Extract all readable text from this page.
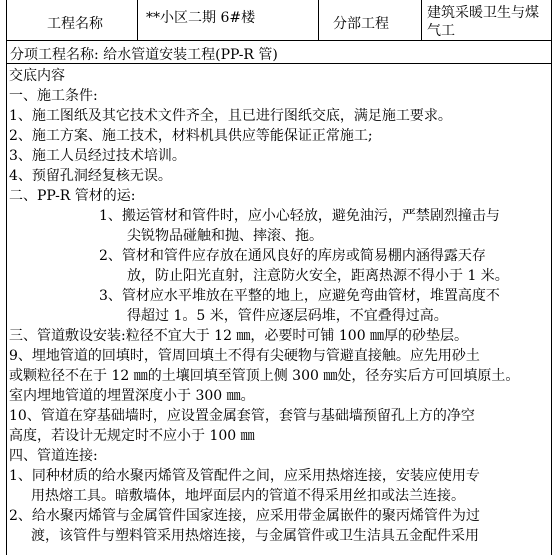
工程名称	**小区二期 6#楼	分部工程
建筑采暖卫生与煤气工
分项工程名称: 给水管道安装工程(PP-R 管)
交底内容
一、施工条件:
1、施工图纸及其它技术文件齐全，且已进行图纸交底，满足施工要求。
2、施工方案、施工技术，材料机具供应等能保证正常施工;
3、施工人员经过技术培训。
4、预留孔洞经复核无误。
二、PP-R 管材的运:
1、搬运管材和管件时，应小心轻放，避免油污，严禁剧烈撞击与
尖锐物品碰触和抛、摔滚、拖。
2、管材和管件应存放在通风良好的库房或简易棚内涵得露天存
放，防止阳光直射，注意防火安全，距离热源不得小于 1 米。
3、管材应水平堆放在平整的地上，应避免弯曲管材，堆置高度不
得超过 1。5 米，管件应逐层码堆，不宜叠得过高。
三、管道敷设安装:粒径不宜大于 12 ㎜，必要时可铺 100 ㎜厚的砂垫层。
9、埋地管道的回填时，管周回填土不得有尖硬物与管避直接触。应先用砂土
或颗粒径不在于 12 ㎜的土壤回填至管顶上侧 300 ㎜处，径夯实后方可回填原土。
室内埋地管道的埋置深度小于 300 ㎜。
10、管道在穿基础墙时，应设置金属套管，套管与基础墙预留孔上方的净空
高度，若设计无规定时不应小于 100 ㎜
四、管道连接:
1、同种材质的给水聚丙烯管及管配件之间，应采用热熔连接，安装应使用专
用热熔工具。暗敷墙体，地坪面层内的管道不得采用丝扣或法兰连接。
2、给水聚丙烯管与金属管件国家连接，应采用带金属嵌件的聚丙烯管件为过
渡，该管件与塑料管采用热熔连接，与金属管件或卫生洁具五金配件采用
